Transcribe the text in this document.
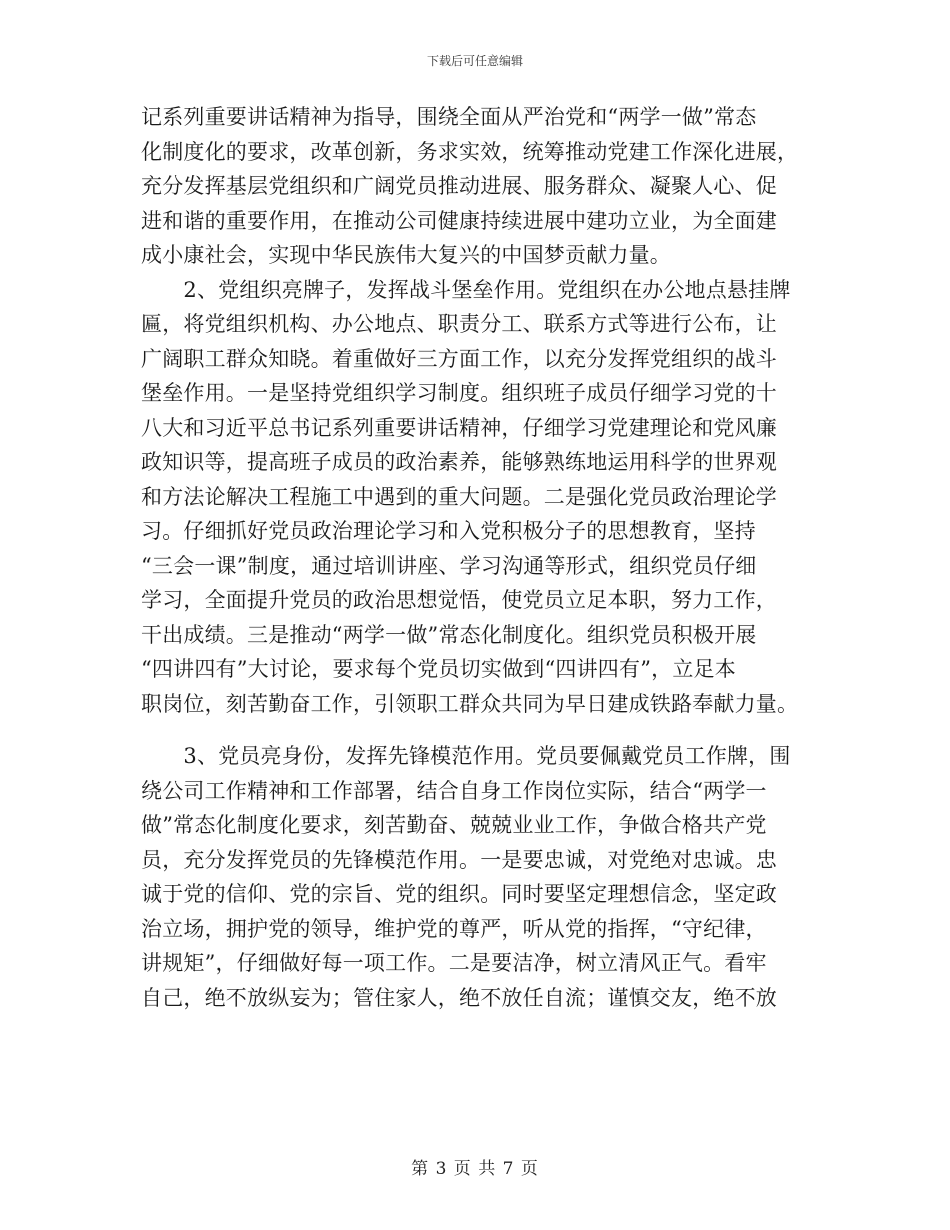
下载后可任意编辑
记系列重要讲话精神为指导，围绕全面从严治党和“两学一做”常态
化制度化的要求，改革创新，务求实效，统筹推动党建工作深化进展，
充分发挥基层党组织和广阔党员推动进展、服务群众、凝聚人心、促
进和谐的重要作用，在推动公司健康持续进展中建功立业，为全面建
成小康社会，实现中华民族伟大复兴的中国梦贡献力量。
　　2、党组织亮牌子，发挥战斗堡垒作用。党组织在办公地点悬挂牌
匾，将党组织机构、办公地点、职责分工、联系方式等进行公布，让
广阔职工群众知晓。着重做好三方面工作，以充分发挥党组织的战斗
堡垒作用。一是坚持党组织学习制度。组织班子成员仔细学习党的十
八大和习近平总书记系列重要讲话精神，仔细学习党建理论和党风廉
政知识等，提高班子成员的政治素养，能够熟练地运用科学的世界观
和方法论解决工程施工中遇到的重大问题。二是强化党员政治理论学
习。仔细抓好党员政治理论学习和入党积极分子的思想教育，坚持
“三会一课”制度，通过培训讲座、学习沟通等形式，组织党员仔细
学习，全面提升党员的政治思想觉悟，使党员立足本职，努力工作，
干出成绩。三是推动“两学一做”常态化制度化。组织党员积极开展
“四讲四有”大讨论，要求每个党员切实做到“四讲四有”，立足本
职岗位，刻苦勤奋工作，引领职工群众共同为早日建成铁路奉献力量。
　　3、党员亮身份，发挥先锋模范作用。党员要佩戴党员工作牌，围
绕公司工作精神和工作部署，结合自身工作岗位实际，结合“两学一
做”常态化制度化要求，刻苦勤奋、兢兢业业工作，争做合格共产党
员，充分发挥党员的先锋模范作用。一是要忠诚，对党绝对忠诚。忠
诚于党的信仰、党的宗旨、党的组织。同时要坚定理想信念，坚定政
治立场，拥护党的领导，维护党的尊严，听从党的指挥，“守纪律，
讲规矩”，仔细做好每一项工作。二是要洁净，树立清风正气。看牢
自己，绝不放纵妄为；管住家人，绝不放任自流；谨慎交友，绝不放
第 3 页 共 7 页
